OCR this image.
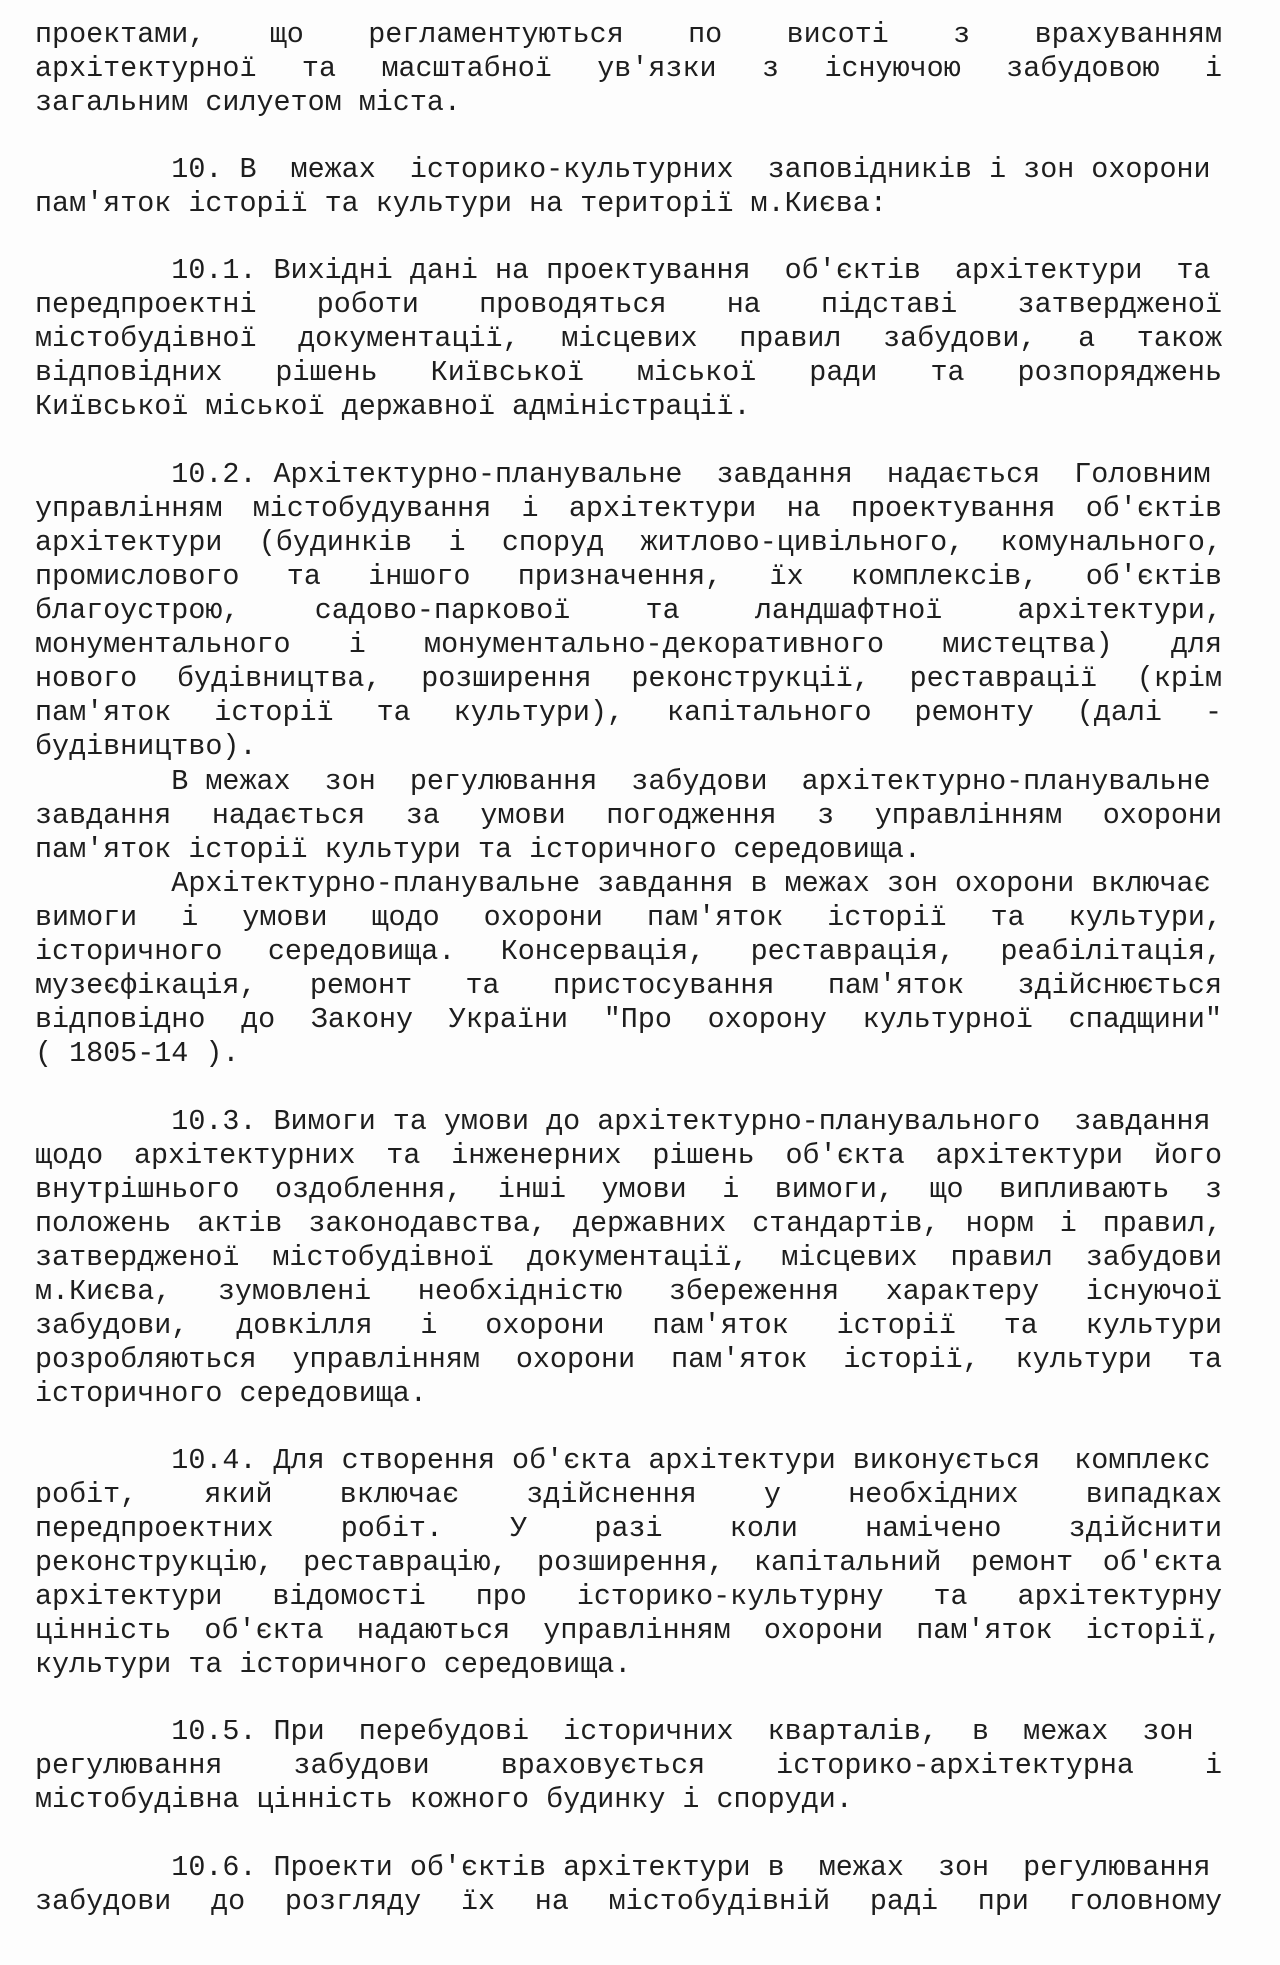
проектами, що регламентуються по висоті з врахуванням
архітектурної та масштабної ув'язки з існуючою забудовою і
загальним силуетом міста.
10. В  межах  історико-культурних  заповідників і зон охорони
пам'яток історії та культури на території м.Києва:
10.1. Вихідні дані на проектування  об'єктів  архітектури  та
передпроектні роботи проводяться на підставі затвердженої
містобудівної документації, місцевих правил забудови, а також
відповідних рішень Київської міської ради та розпоряджень
Київської міської державної адміністрації.
10.2. Архітектурно-планувальне  завдання  надається  Головним
управлінням містобудування і архітектури на проектування об'єктів
архітектури (будинків і споруд житлово-цивільного, комунального,
промислового та іншого призначення, їх комплексів, об'єктів
благоустрою, садово-паркової та ландшафтної архітектури,
монументального і монументально-декоративного мистецтва) для
нового будівництва, розширення реконструкції, реставрації (крім
пам'яток історії та культури), капітального ремонту (далі -
будівництво).
В межах  зон  регулювання  забудови  архітектурно-планувальне
завдання надається за умови погодження з управлінням охорони
пам'яток історії культури та історичного середовища.
Архітектурно-планувальне завдання в межах зон охорони включає
вимоги і умови щодо охорони пам'яток історії та культури,
історичного середовища. Консервація, реставрація, реабілітація,
музеєфікація, ремонт та пристосування пам'яток здійснюється
відповідно до Закону України "Про охорону культурної спадщини"
( 1805-14 ).
10.3. Вимоги та умови до архітектурно-планувального  завдання
щодо архітектурних та інженерних рішень об'єкта архітектури його
внутрішнього оздоблення, інші умови і вимоги, що випливають з
положень актів законодавства, державних стандартів, норм і правил,
затвердженої містобудівної документації, місцевих правил забудови
м.Києва, зумовлені необхідністю збереження характеру існуючої
забудови, довкілля і охорони пам'яток історії та культури
розробляються управлінням охорони пам'яток історії, культури та
історичного середовища.
10.4. Для створення об'єкта архітектури виконується  комплекс
робіт, який включає здійснення у необхідних випадках
передпроектних робіт. У разі коли намічено здійснити
реконструкцію, реставрацію, розширення, капітальний ремонт об'єкта
архітектури відомості про історико-культурну та архітектурну
цінність об'єкта надаються управлінням охорони пам'яток історії,
культури та історичного середовища.
10.5. При  перебудові  історичних  кварталів,  в  межах  зон
регулювання забудови враховується історико-архітектурна і
містобудівна цінність кожного будинку і споруди.
10.6. Проекти об'єктів архітектури в  межах  зон  регулювання
забудови до розгляду їх на містобудівній раді при головному
